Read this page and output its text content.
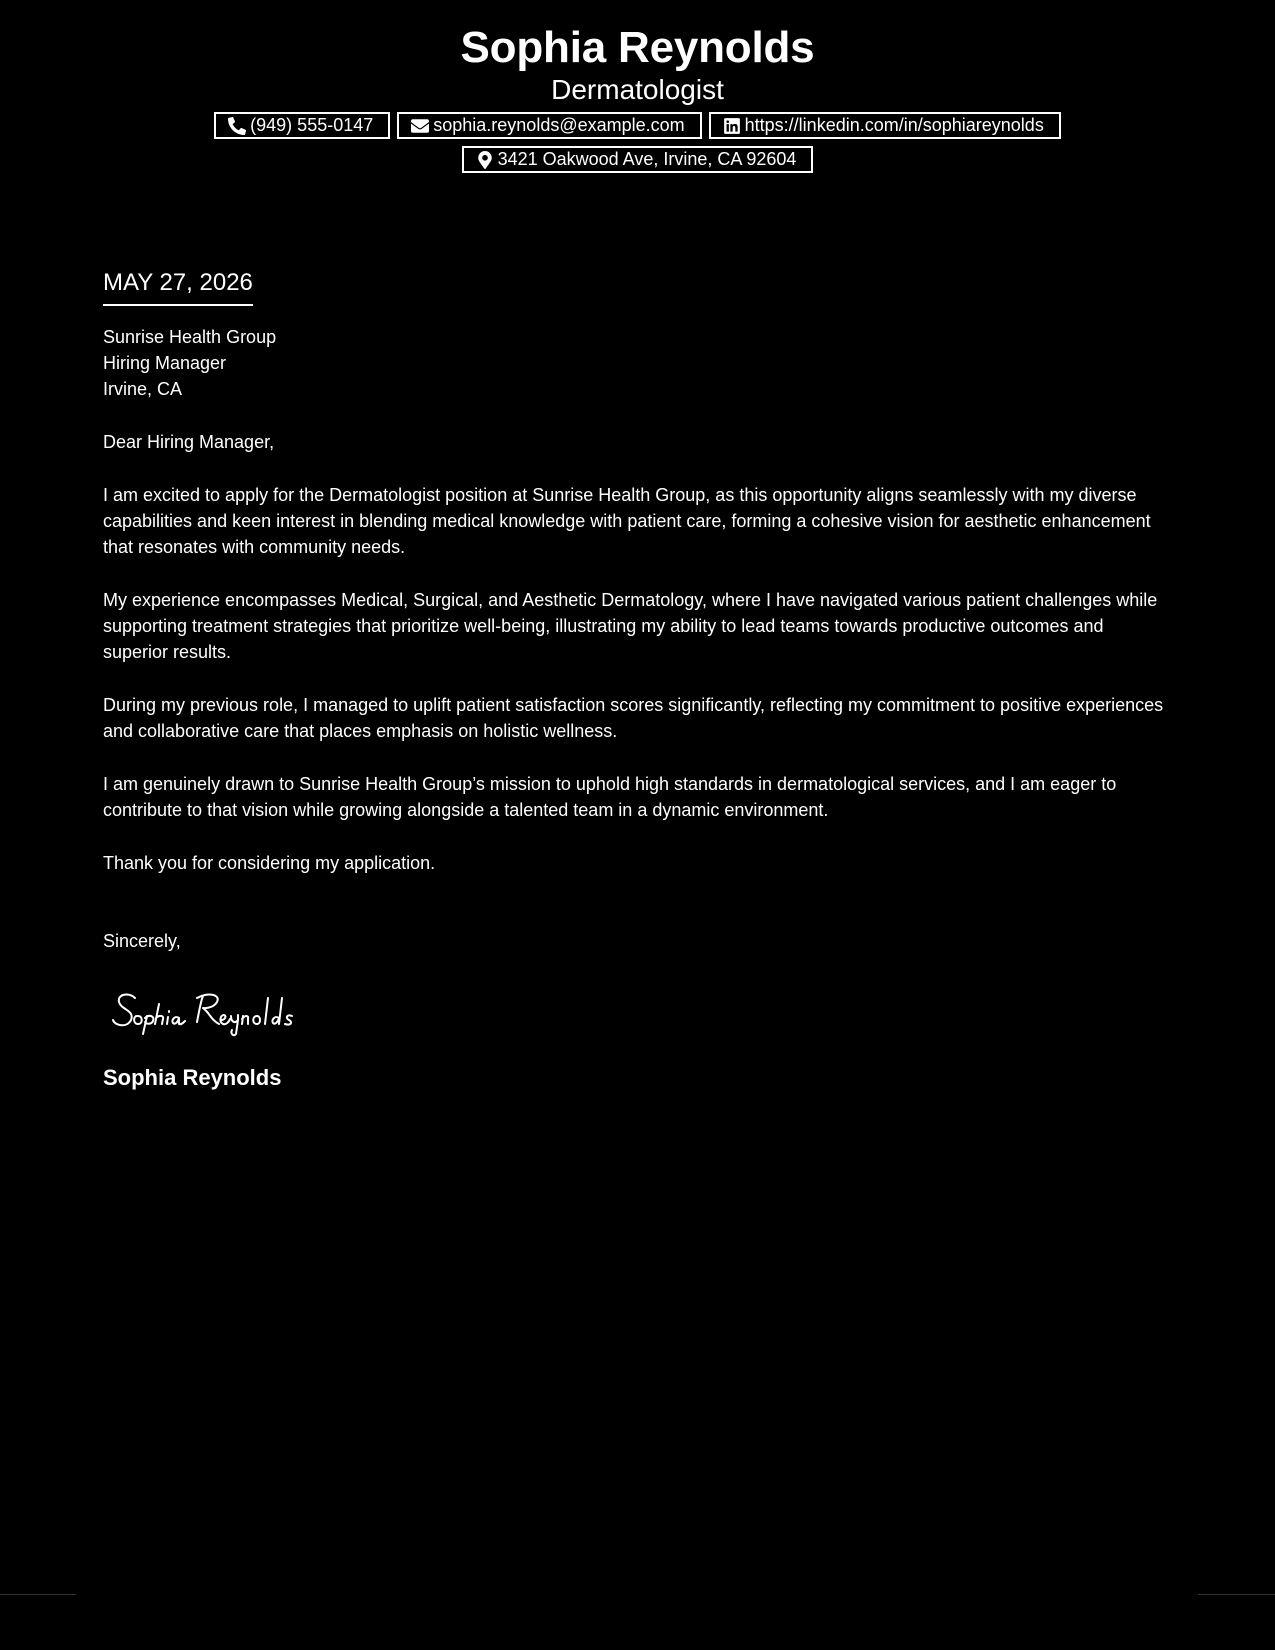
Sophia Reynolds
Dermatologist
(949) 555-0147	sophia.reynolds@example.com	https://linkedin.com/in/sophiareynolds
3421 Oakwood Ave, Irvine, CA 92604
MAY 27, 2026
Sunrise Health Group
Hiring Manager
Irvine, CA
Dear Hiring Manager,
I am excited to apply for the Dermatologist position at Sunrise Health Group, as this opportunity aligns seamlessly with my diverse capabilities and keen interest in blending medical knowledge with patient care, forming a cohesive vision for aesthetic enhancement that resonates with community needs.
My experience encompasses Medical, Surgical, and Aesthetic Dermatology, where I have navigated various patient challenges while supporting treatment strategies that prioritize well-being, illustrating my ability to lead teams towards productive outcomes and superior results.
During my previous role, I managed to uplift patient satisfaction scores significantly, reflecting my commitment to positive experiences and collaborative care that places emphasis on holistic wellness.
I am genuinely drawn to Sunrise Health Group’s mission to uphold high standards in dermatological services, and I am eager to contribute to that vision while growing alongside a talented team in a dynamic environment.
Thank you for considering my application.
Sincerely,
Sophia Reynolds
